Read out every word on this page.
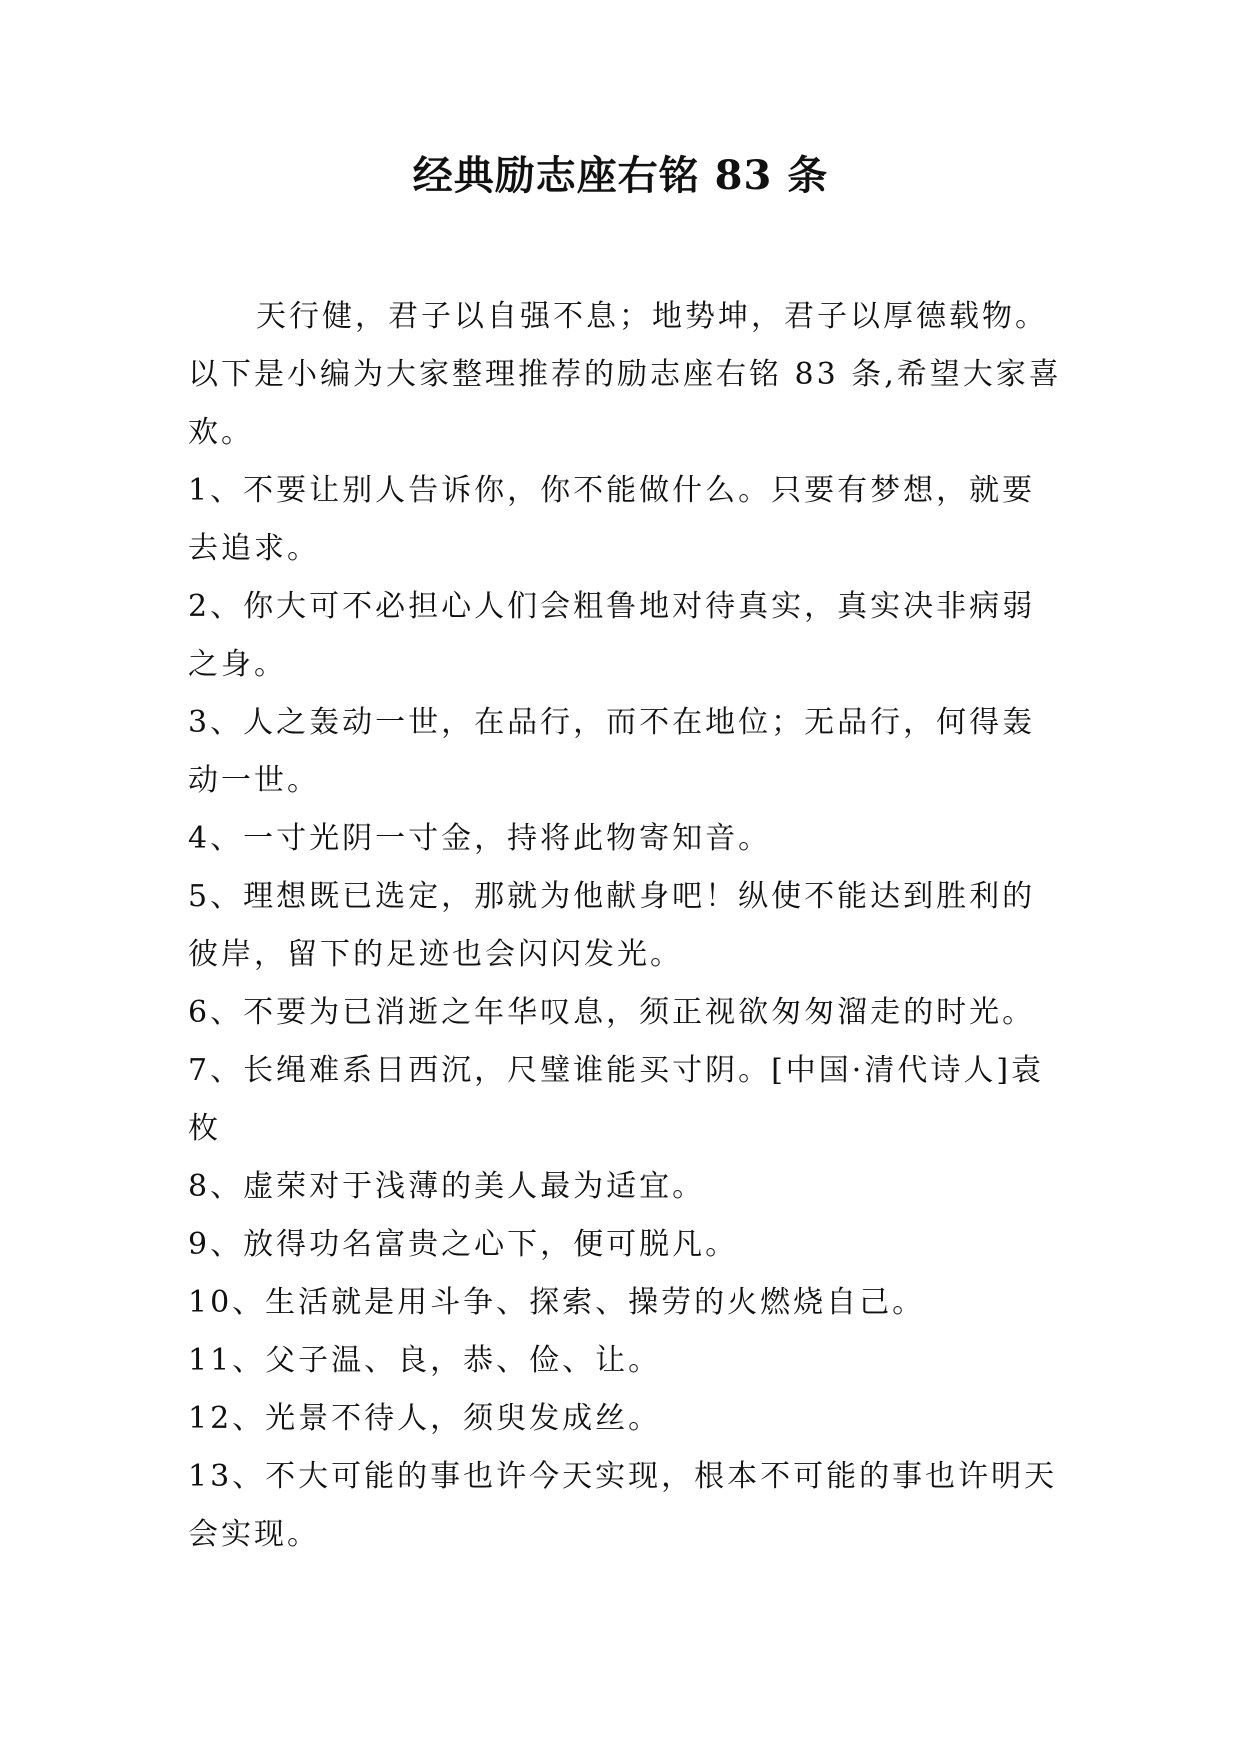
经典励志座右铭 83 条

天行健，君子以自强不息；地势坤，君子以厚德载物。以下是小编为大家整理推荐的励志座右铭 83 条,希望大家喜欢。

1、不要让别人告诉你，你不能做什么。只要有梦想，就要去追求。

2、你大可不必担心人们会粗鲁地对待真实，真实决非病弱之身。

3、人之轰动一世，在品行，而不在地位；无品行，何得轰动一世。

4、一寸光阴一寸金，持将此物寄知音。

5、理想既已选定，那就为他献身吧！纵使不能达到胜利的彼岸，留下的足迹也会闪闪发光。

6、不要为已消逝之年华叹息，须正视欲匆匆溜走的时光。

7、长绳难系日西沉，尺璧谁能买寸阴。[中国·清代诗人]袁枚

8、虚荣对于浅薄的美人最为适宜。

9、放得功名富贵之心下，便可脱凡。

10、生活就是用斗争、探索、操劳的火燃烧自己。

11、父子温、良，恭、俭、让。

12、光景不待人，须臾发成丝。

13、不大可能的事也许今天实现，根本不可能的事也许明天会实现。
